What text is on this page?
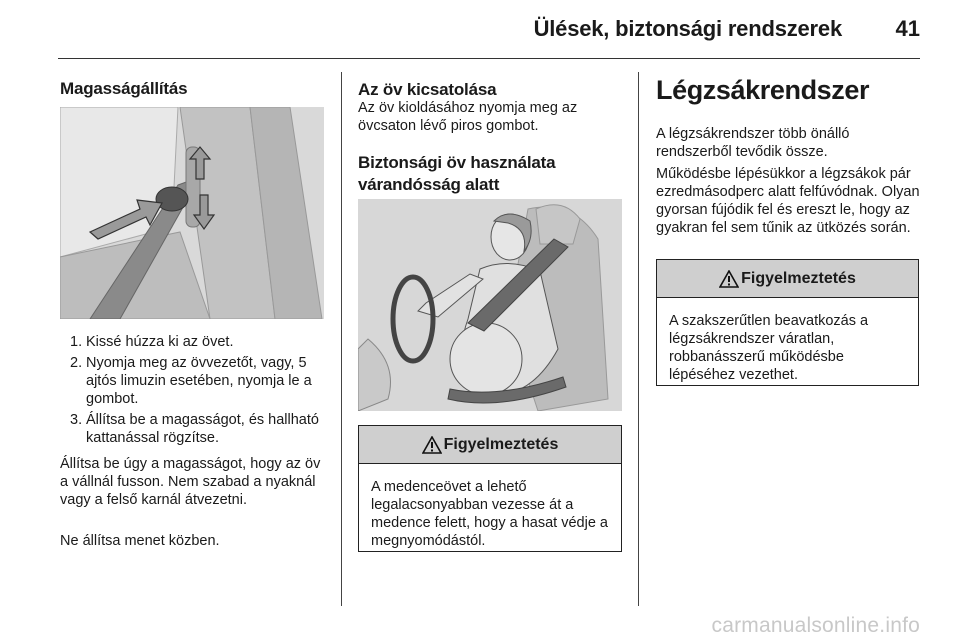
Ülések, biztonsági rendszerek 41
Magasságállítás
1. Kissé húzza ki az övet.
2. Nyomja meg az övvezetőt, vagy, 5 ajtós limuzin esetében, nyomja le a gombot.
3. Állítsa be a magasságot, és hallható kattanással rögzítse.

Állítsa be úgy a magasságot, hogy az öv a vállnál fusson. Nem szabad a nyaknál vagy a felső karnál átvezetni.

Ne állítsa menet közben.

Az öv kicsatolása

Az öv kioldásához nyomja meg az övcsaton lévő piros gombot.

Biztonsági öv használata várandósság alatt
Figyelmeztetés
A medenceövet a lehető legalacsonyabban vezesse át a medence felett, hogy a hasat védje a megnyomódástól.
Légzsákrendszer

A légzsákrendszer több önálló rendszerből tevődik össze.

Működésbe lépésükkor a légzsákok pár ezredmásodperc alatt felfúvódnak. Olyan gyorsan fújódik fel és ereszt le, hogy az gyakran fel sem tűnik az ütközés során.

Figyelmeztetés
A szakszerűtlen beavatkozás a légzsákrendszer váratlan, robbanásszerű működésbe lépéséhez vezethet.
carmanualsonline.info
